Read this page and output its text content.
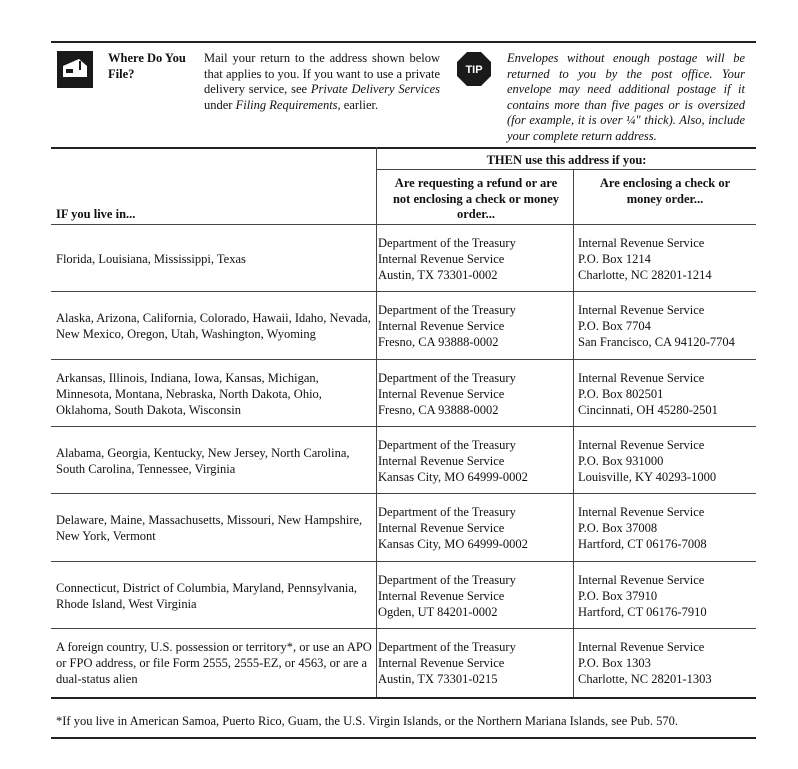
Where Do You File?
Mail your return to the address shown below that applies to you. If you want to use a private delivery service, see Private Delivery Services under Filing Requirements, earlier.
TIP
Envelopes without enough postage will be returned to you by the post office. Your envelope may need additional postage if it contains more than five pages or is oversized (for example, it is over ¼" thick). Also, include your complete return address.
THEN use this address if you:
IF you live in...
Are requesting a refund or are not enclosing a check or money order...
Are enclosing a check or money order...
Florida, Louisiana, Mississippi, Texas
Department of the Treasury
Internal Revenue Service
Austin, TX 73301-0002
Internal Revenue Service
P.O. Box 1214
Charlotte, NC 28201-1214
Alaska, Arizona, California, Colorado, Hawaii, Idaho, Nevada, New Mexico, Oregon, Utah, Washington, Wyoming
Department of the Treasury
Internal Revenue Service
Fresno, CA 93888-0002
Internal Revenue Service
P.O. Box 7704
San Francisco, CA 94120-7704
Arkansas, Illinois, Indiana, Iowa, Kansas, Michigan, Minnesota, Montana, Nebraska, North Dakota, Ohio, Oklahoma, South Dakota, Wisconsin
Department of the Treasury
Internal Revenue Service
Fresno, CA 93888-0002
Internal Revenue Service
P.O. Box 802501
Cincinnati, OH 45280-2501
Alabama, Georgia, Kentucky, New Jersey, North Carolina, South Carolina, Tennessee, Virginia
Department of the Treasury
Internal Revenue Service
Kansas City, MO 64999-0002
Internal Revenue Service
P.O. Box 931000
Louisville, KY 40293-1000
Delaware, Maine, Massachusetts, Missouri, New Hampshire, New York, Vermont
Department of the Treasury
Internal Revenue Service
Kansas City, MO 64999-0002
Internal Revenue Service
P.O. Box 37008
Hartford, CT 06176-7008
Connecticut, District of Columbia, Maryland, Pennsylvania, Rhode Island, West Virginia
Department of the Treasury
Internal Revenue Service
Ogden, UT 84201-0002
Internal Revenue Service
P.O. Box 37910
Hartford, CT 06176-7910
A foreign country, U.S. possession or territory*, or use an APO or FPO address, or file Form 2555, 2555-EZ, or 4563, or are a dual-status alien
Department of the Treasury
Internal Revenue Service
Austin, TX 73301-0215
Internal Revenue Service
P.O. Box 1303
Charlotte, NC 28201-1303
*If you live in American Samoa, Puerto Rico, Guam, the U.S. Virgin Islands, or the Northern Mariana Islands, see Pub. 570.
